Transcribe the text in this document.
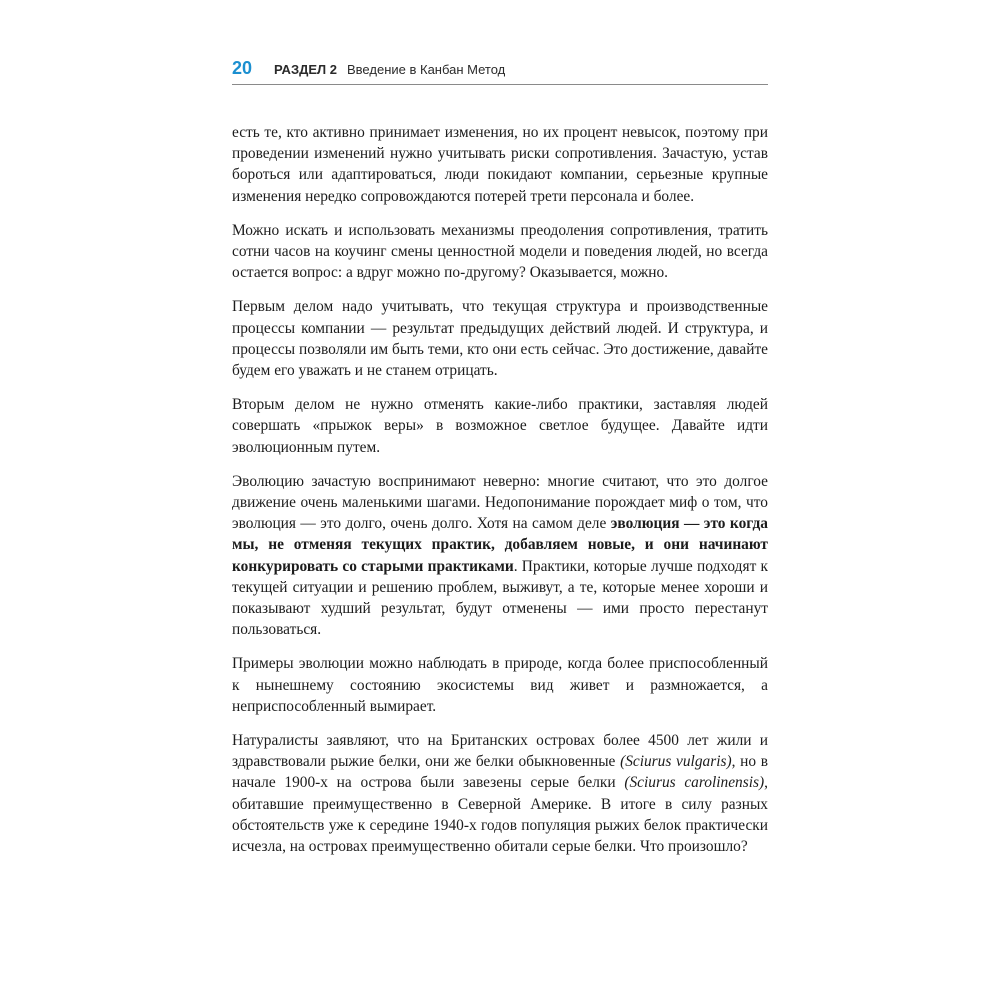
20 РАЗДЕЛ 2 Введение в Канбан Метод

есть те, кто активно принимает изменения, но их процент невысок, поэтому при проведении изменений нужно учитывать риски сопротивления. Зачастую, устав бороться или адаптироваться, люди покидают компании, серьезные крупные изменения нередко сопровождаются потерей трети персонала и более.

Можно искать и использовать механизмы преодоления сопротивления, тратить сотни часов на коучинг смены ценностной модели и поведения людей, но всегда остается вопрос: а вдруг можно по-другому? Оказывается, можно.

Первым делом надо учитывать, что текущая структура и производственные процессы компании — результат предыдущих действий людей. И структура, и процессы позволяли им быть теми, кто они есть сейчас. Это достижение, давайте будем его уважать и не станем отрицать.

Вторым делом не нужно отменять какие-либо практики, заставляя людей совершать «прыжок веры» в возможное светлое будущее. Давайте идти эволюционным путем.

Эволюцию зачастую воспринимают неверно: многие считают, что это долгое движение очень маленькими шагами. Недопонимание порождает миф о том, что эволюция — это долго, очень долго. Хотя на самом деле эволюция — это когда мы, не отменяя текущих практик, добавляем новые, и они начинают конкурировать со старыми практиками. Практики, которые лучше подходят к текущей ситуации и решению проблем, выживут, а те, которые менее хороши и показывают худший результат, будут отменены — ими просто перестанут пользоваться.

Примеры эволюции можно наблюдать в природе, когда более приспособленный к нынешнему состоянию экосистемы вид живет и размножается, а неприспособленный вымирает.

Натуралисты заявляют, что на Британских островах более 4500 лет жили и здравствовали рыжие белки, они же белки обыкновенные (Sciurus vulgaris), но в начале 1900-х на острова были завезены серые белки (Sciurus carolinensis), обитавшие преимущественно в Северной Америке. В итоге в силу разных обстоятельств уже к середине 1940-х годов популяция рыжих белок практически исчезла, на островах преимущественно обитали серые белки. Что произошло?
